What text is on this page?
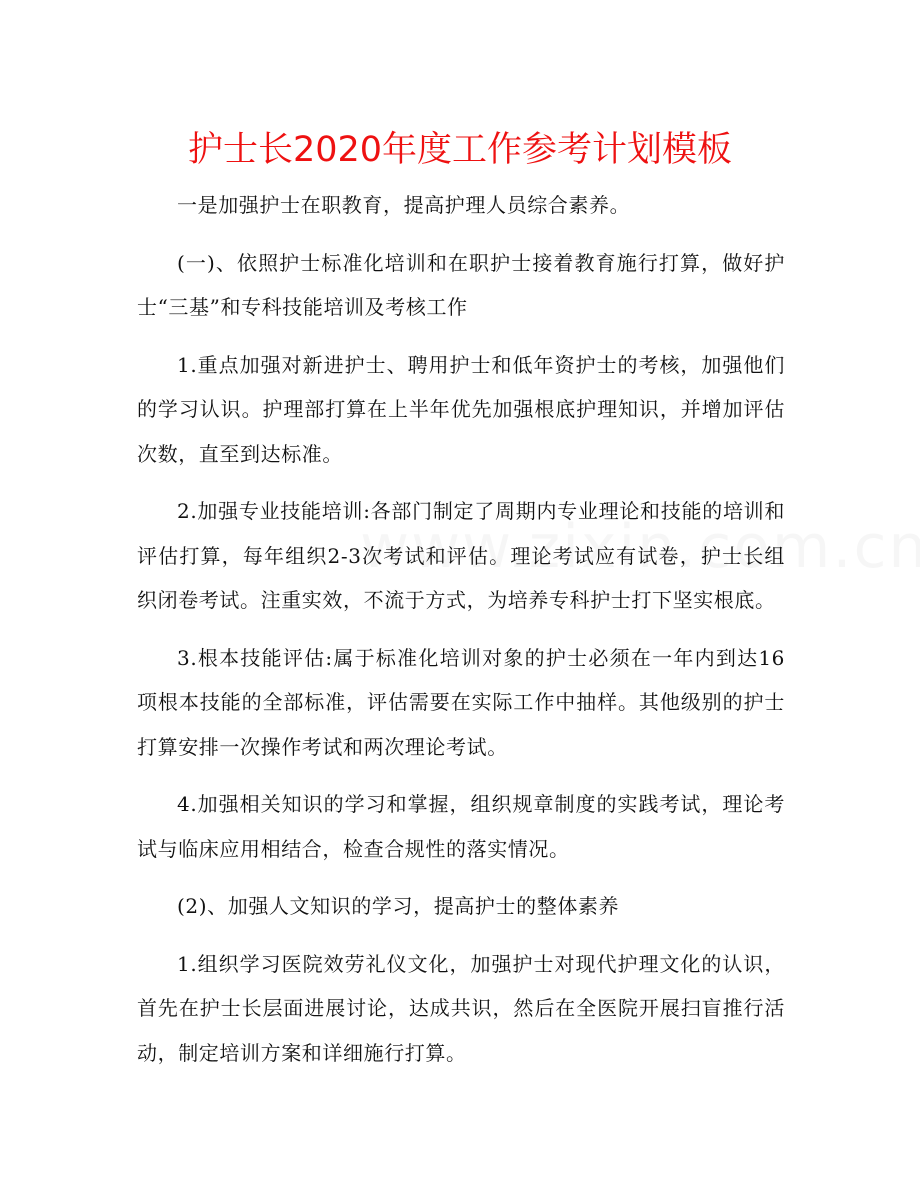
护士长2020年度工作参考计划模板

一是加强护士在职教育，提高护理人员综合素养。

(一)、依照护士标准化培训和在职护士接着教育施行打算，做好护士“三基”和专科技能培训及考核工作

1.重点加强对新进护士、聘用护士和低年资护士的考核，加强他们的学习认识。护理部打算在上半年优先加强根底护理知识，并增加评估次数，直至到达标准。

2.加强专业技能培训:各部门制定了周期内专业理论和技能的培训和评估打算，每年组织2-3次考试和评估。理论考试应有试卷，护士长组织闭卷考试。注重实效，不流于方式，为培养专科护士打下坚实根底。

3.根本技能评估:属于标准化培训对象的护士必须在一年内到达16项根本技能的全部标准，评估需要在实际工作中抽样。其他级别的护士打算安排一次操作考试和两次理论考试。

4.加强相关知识的学习和掌握，组织规章制度的实践考试，理论考试与临床应用相结合，检查合规性的落实情况。

(2)、加强人文知识的学习，提高护士的整体素养

1.组织学习医院效劳礼仪文化，加强护士对现代护理文化的认识，首先在护士长层面进展讨论，达成共识，然后在全医院开展扫盲推行活动，制定培训方案和详细施行打算。
